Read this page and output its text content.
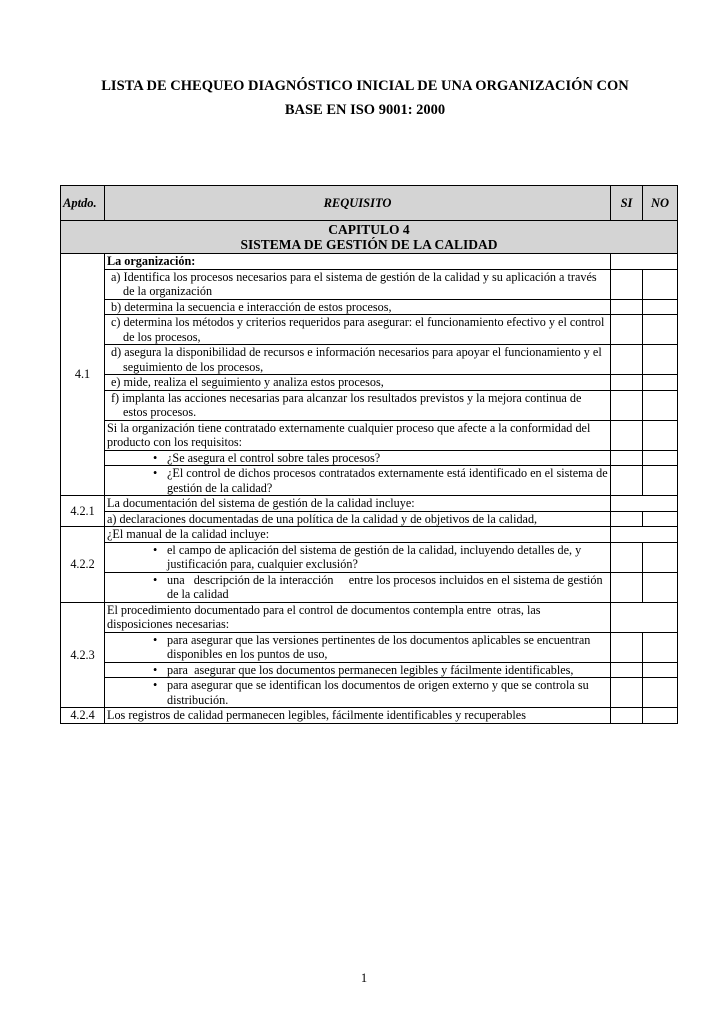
LISTA DE CHEQUEO DIAGNÓSTICO INICIAL DE UNA ORGANIZACIÓN CON
BASE EN ISO 9001: 2000
Aptdo.	REQUISITO	SI	NO

CAPITULO 4
SISTEMA DE GESTIÓN DE LA CALIDAD			

4.1	La organización:		
	a) Identifica los procesos necesarios para el sistema de gestión de la calidad y su aplicación a través de la organización		
	b) determina la secuencia e interacción de estos procesos,		
	c) determina los métodos y criterios requeridos para asegurar: el funcionamiento efectivo y el control de los procesos,		
	d) asegura la disponibilidad de recursos e información necesarios para apoyar el funcionamiento y el seguimiento de los procesos,		
	e) mide, realiza el seguimiento y analiza estos procesos,		
	f) implanta las acciones necesarias para alcanzar los resultados previstos y la mejora continua de estos procesos.		
	Si la organización tiene contratado externamente cualquier proceso que afecte a la conformidad del producto con los requisitos:		

	• ¿Se asegura el control sobre tales procesos?		

	• ¿El control de dichos procesos contratados externamente está identificado en el sistema de gestión de la calidad?		
4.2.1	La documentación del sistema de gestión de la calidad incluye:		
	a) declaraciones documentadas de una política de la calidad y de objetivos de la calidad,		
4.2.2	¿El manual de la calidad incluye:		

	• el campo de aplicación del sistema de gestión de la calidad, incluyendo detalles de, y justificación para, cualquier exclusión?		

	• una   descripción de la interacción     entre los procesos incluidos en el sistema de gestión de la calidad		
4.2.3	El procedimiento documentado para el control de documentos contempla entre  otras, las disposiciones necesarias:		

	• para asegurar que las versiones pertinentes de los documentos aplicables se encuentran disponibles en los puntos de uso,		

	• para  asegurar que los documentos permanecen legibles y fácilmente identificables,		

	• para asegurar que se identifican los documentos de origen externo y que se controla su distribución.		
4.2.4	Los registros de calidad permanecen legibles, fácilmente identificables y recuperables		
1
